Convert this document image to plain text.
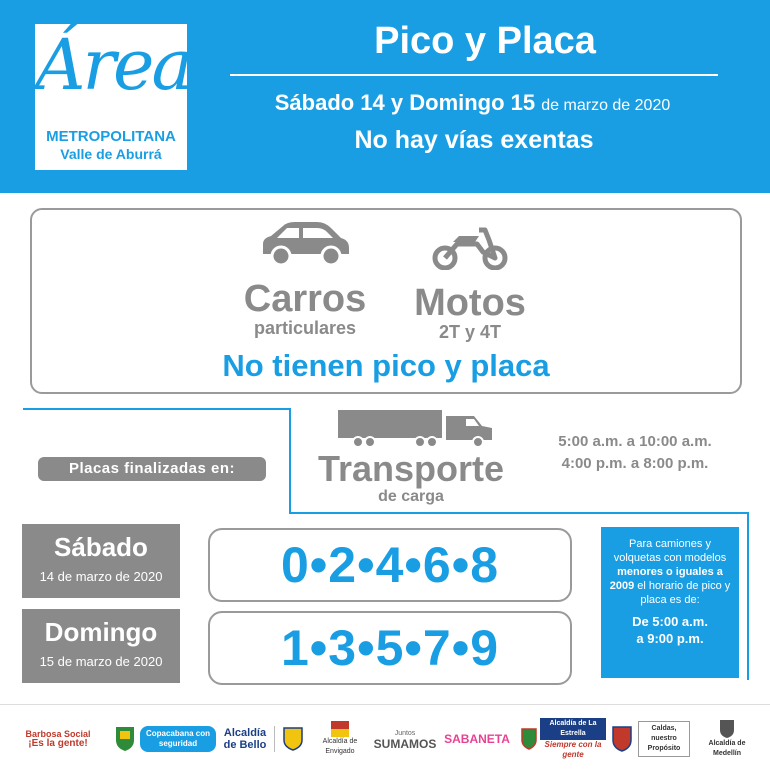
Área
METROPOLITANA
Valle de Aburrá
Pico y Placa
Sábado 14 y Domingo 15 de marzo de 2020
No hay vías exentas
Carros
particulares
Motos
2T y 4T
No tienen pico y placa
Placas finalizadas en:	Transporte
de carga
5:00 a.m. a 10:00 a.m.
4:00 p.m. a 8:00 p.m.
Sábado
14 de marzo de 2020	0•2•4•6•8
Domingo
15 de marzo de 2020	1•3•5•7•9
Para camiones y volquetas con modelos menores o iguales a 2009 el horario de pico y placa es de:
De 5:00 a.m.
a 9:00 p.m.
Barbosa Social
¡Es la gente!
Copacabana con seguridad
Alcaldía
de Bello	Alcaldía de Envigado
Juntos
SUMAMOS SABANETA
Alcaldía de La Estrella
Siempre con la gente
Caldas, nuestro Propósito
Alcaldía de Medellín
